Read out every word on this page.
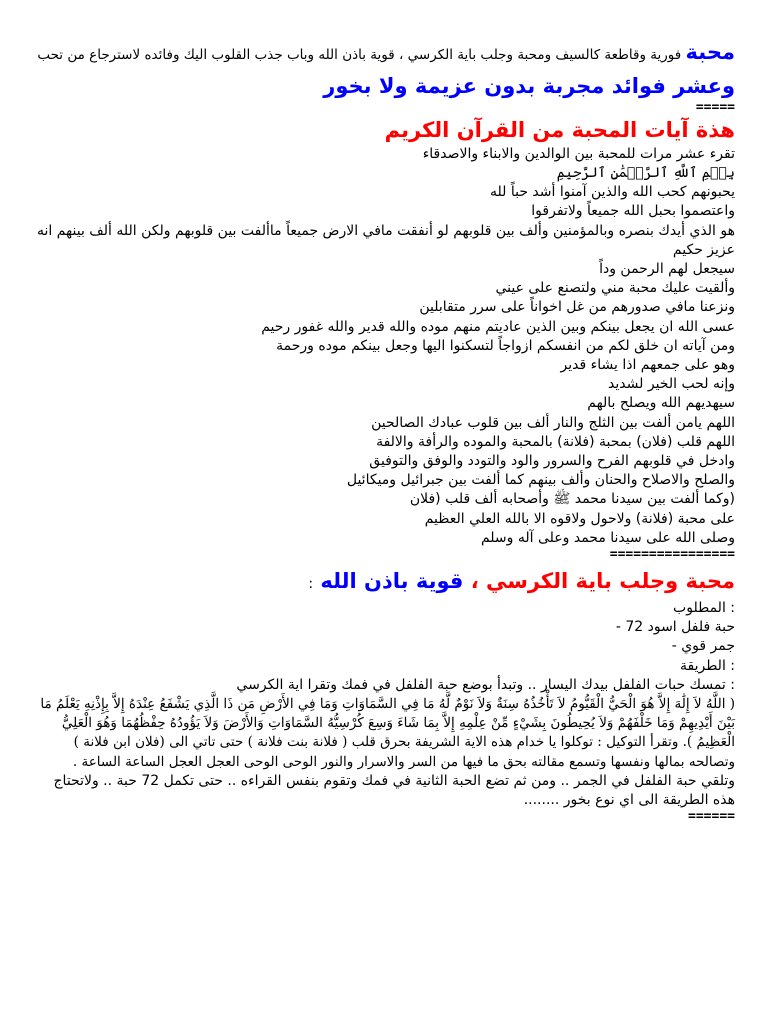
محبة فورية وقاطعة كالسيف ومحبة وجلب باية الكرسي ، قوية باذن الله وباب جذب القلوب اليك وفائده لاسترجاع من تحب
وعشر فوائد مجربة بدون عزيمة ولا بخور
=====
هذة آيات المحبة من القرآن الكريم
تقرء عشر مرات للمحبة بين الوالدين والابناء والاصدقاء
بِسۡمِ ٱللَّهِ ٱلرَّحۡمَٰنِ ٱلرَّحِيمِ
يحبونهم كحب الله والذين آمنوا أشد حباً لله
واعتصموا بحبل الله جميعاً ولاتفرقوا
هو الذي أيدك بنصره وبالمؤمنين وألف بين قلوبهم لو أنفقت مافي الارض جميعاً ماألفت بين قلوبهم ولكن الله ألف بينهم انه عزيز حكيم
سيجعل لهم الرحمن وداً
وألقيت عليك محبة مني ولتصنع على عيني
ونزعنا مافي صدورهم من غل اخواناً على سرر متقابلين
عسى الله ان يجعل بينكم وبين الذين عاديتم منهم موده والله قدير والله غفور رحيم
ومن آياته ان خلق لكم من انفسكم ازواجاً لتسكنوا اليها وجعل بينكم موده ورحمة
وهو على جمعهم اذا يشاء قدير
وإنه لحب الخير لشديد
سيهديهم الله ويصلح بالهم
اللهم يامن ألفت بين الثلج والنار ألف بين قلوب عبادك الصالحين
اللهم قلب (فلان) بمحبة (فلانة) بالمحبة والموده والرأفة والالفة
وادخل في قلوبهم الفرح والسرور والود والتودد والوفق والتوفيق
والصلح والاصلاح والحنان وألف بينهم كما ألفت بين جبرائيل وميكائيل
(وكما ألفت بين سيدنا محمد ﷺ وأصحابه ألف قلب (فلان
على محبة (فلانة) ولاحول ولاقوه الا بالله العلي العظيم
وصلى الله على سيدنا محمد وعلى آله وسلم
================
محبة وجلب باية الكرسي ، قوية باذن الله :
: المطلوب
حبة فلفل اسود 72 -
جمر قوي -
: الطريقة
: تمسك حبات الفلفل بيدك اليسار .. وتبدأ بوضع حبة الفلفل في فمك وتقرا اية الكرسي
( اللَّهُ لاَ إِلَٰهَ إِلاَّ هُوَ الْحَيُّ الْقَيُّومُ لاَ تَأْخُذُهُ سِنَةٌ وَلاَ نَوْمٌ لَّهُ مَا فِي السَّمَاوَاتِ وَمَا فِي الأَرْضِ مَن ذَا الَّذِي يَشْفَعُ عِنْدَهُ إِلاَّ بِإِذْنِهِ يَعْلَمُ مَا بَيْنَ أَيْدِيهِمْ وَمَا خَلْفَهُمْ وَلاَ يُحِيطُونَ بِشَيْءٍ مِّنْ عِلْمِهِ إِلاَّ بِمَا شَاءَ وَسِعَ كُرْسِيُّهُ السَّمَاوَاتِ وَالأَرْضَ وَلاَ يَؤُودُهُ حِفْظُهُمَا وَهُوَ الْعَلِيُّ الْعَظِيمُ ). وتقرأ التوكيل : توكلوا يا خدام هذه الاية الشريفة بحرق قلب ( فلانة بنت فلانة ) حتى تاتي الى (فلان ابن فلانة ) وتصالحه بمالها ونفسها وتسمع مقالته بحق ما فيها من السر والاسرار والنور الوحى الوحى العجل العجل الساعة الساعة .
وتلقي حبة الفلفل في الجمر .. ومن ثم تضع الحبة الثانية في فمك وتقوم بنفس القراءه .. حتى تكمل 72 حبة .. ولاتحتاج هذه الطريقة الى اي نوع بخور ........
======
